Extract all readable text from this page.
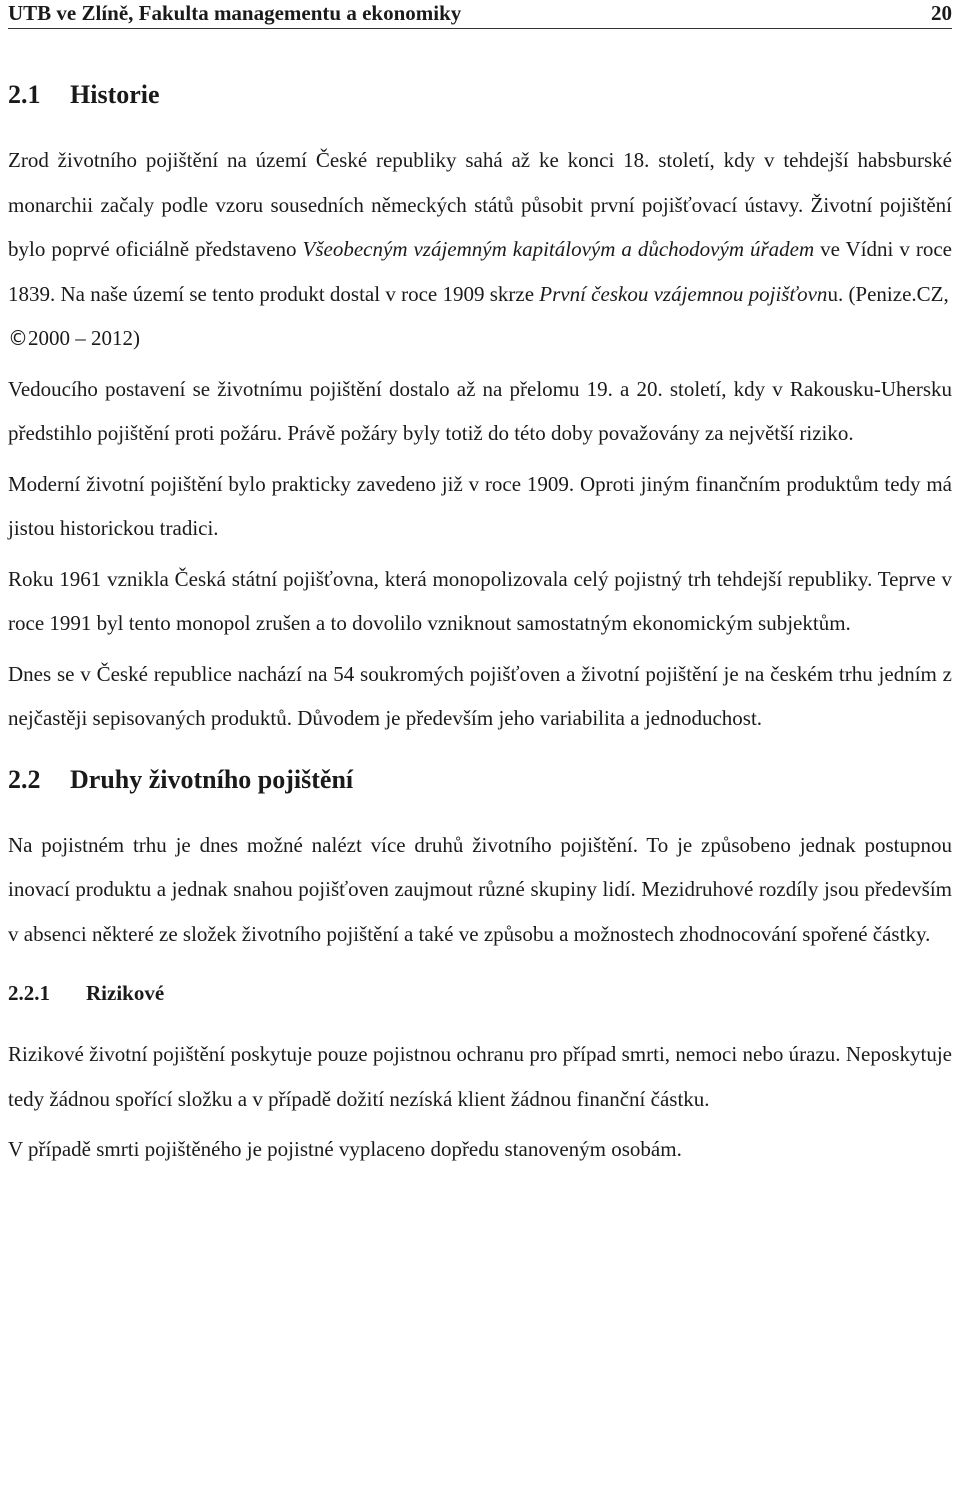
UTB ve Zlíně, Fakulta managementu a ekonomiky	20
2.1 Historie

Zrod životního pojištění na území České republiky sahá až ke konci 18. století, kdy v tehdejší habsburské monarchii začaly podle vzoru sousedních německých států působit první pojišťovací ústavy. Životní pojištění bylo poprvé oficiálně představeno Všeobecným vzájemným kapitálovým a důchodovým úřadem ve Vídni v roce 1839. Na naše území se tento produkt dostal v roce 1909 skrze První českou vzájemnou pojišťovnu. (Penize.CZ,
©2000 – 2012)

Vedoucího postavení se životnímu pojištění dostalo až na přelomu 19. a 20. století, kdy v Rakousku-Uhersku předstihlo pojištění proti požáru. Právě požáry byly totiž do této doby považovány za největší riziko.

Moderní životní pojištění bylo prakticky zavedeno již v roce 1909. Oproti jiným finančním produktům tedy má jistou historickou tradici.

Roku 1961 vznikla Česká státní pojišťovna, která monopolizovala celý pojistný trh tehdejší republiky. Teprve v roce 1991 byl tento monopol zrušen a to dovolilo vzniknout samostatným ekonomickým subjektům.

Dnes se v České republice nachází na 54 soukromých pojišťoven a životní pojištění je na českém trhu jedním z nejčastěji sepisovaných produktů. Důvodem je především jeho variabilita a jednoduchost.

2.2 Druhy životního pojištění

Na pojistném trhu je dnes možné nalézt více druhů životního pojištění. To je způsobeno jednak postupnou inovací produktu a jednak snahou pojišťoven zaujmout různé skupiny lidí. Mezidruhové rozdíly jsou především v absenci některé ze složek životního pojištění a také ve způsobu a možnostech zhodnocování spořené částky.

2.2.1 Rizikové

Rizikové životní pojištění poskytuje pouze pojistnou ochranu pro případ smrti, nemoci nebo úrazu. Neposkytuje tedy žádnou spořící složku a v případě dožití nezíská klient žádnou finanční částku.

V případě smrti pojištěného je pojistné vyplaceno dopředu stanoveným osobám.
